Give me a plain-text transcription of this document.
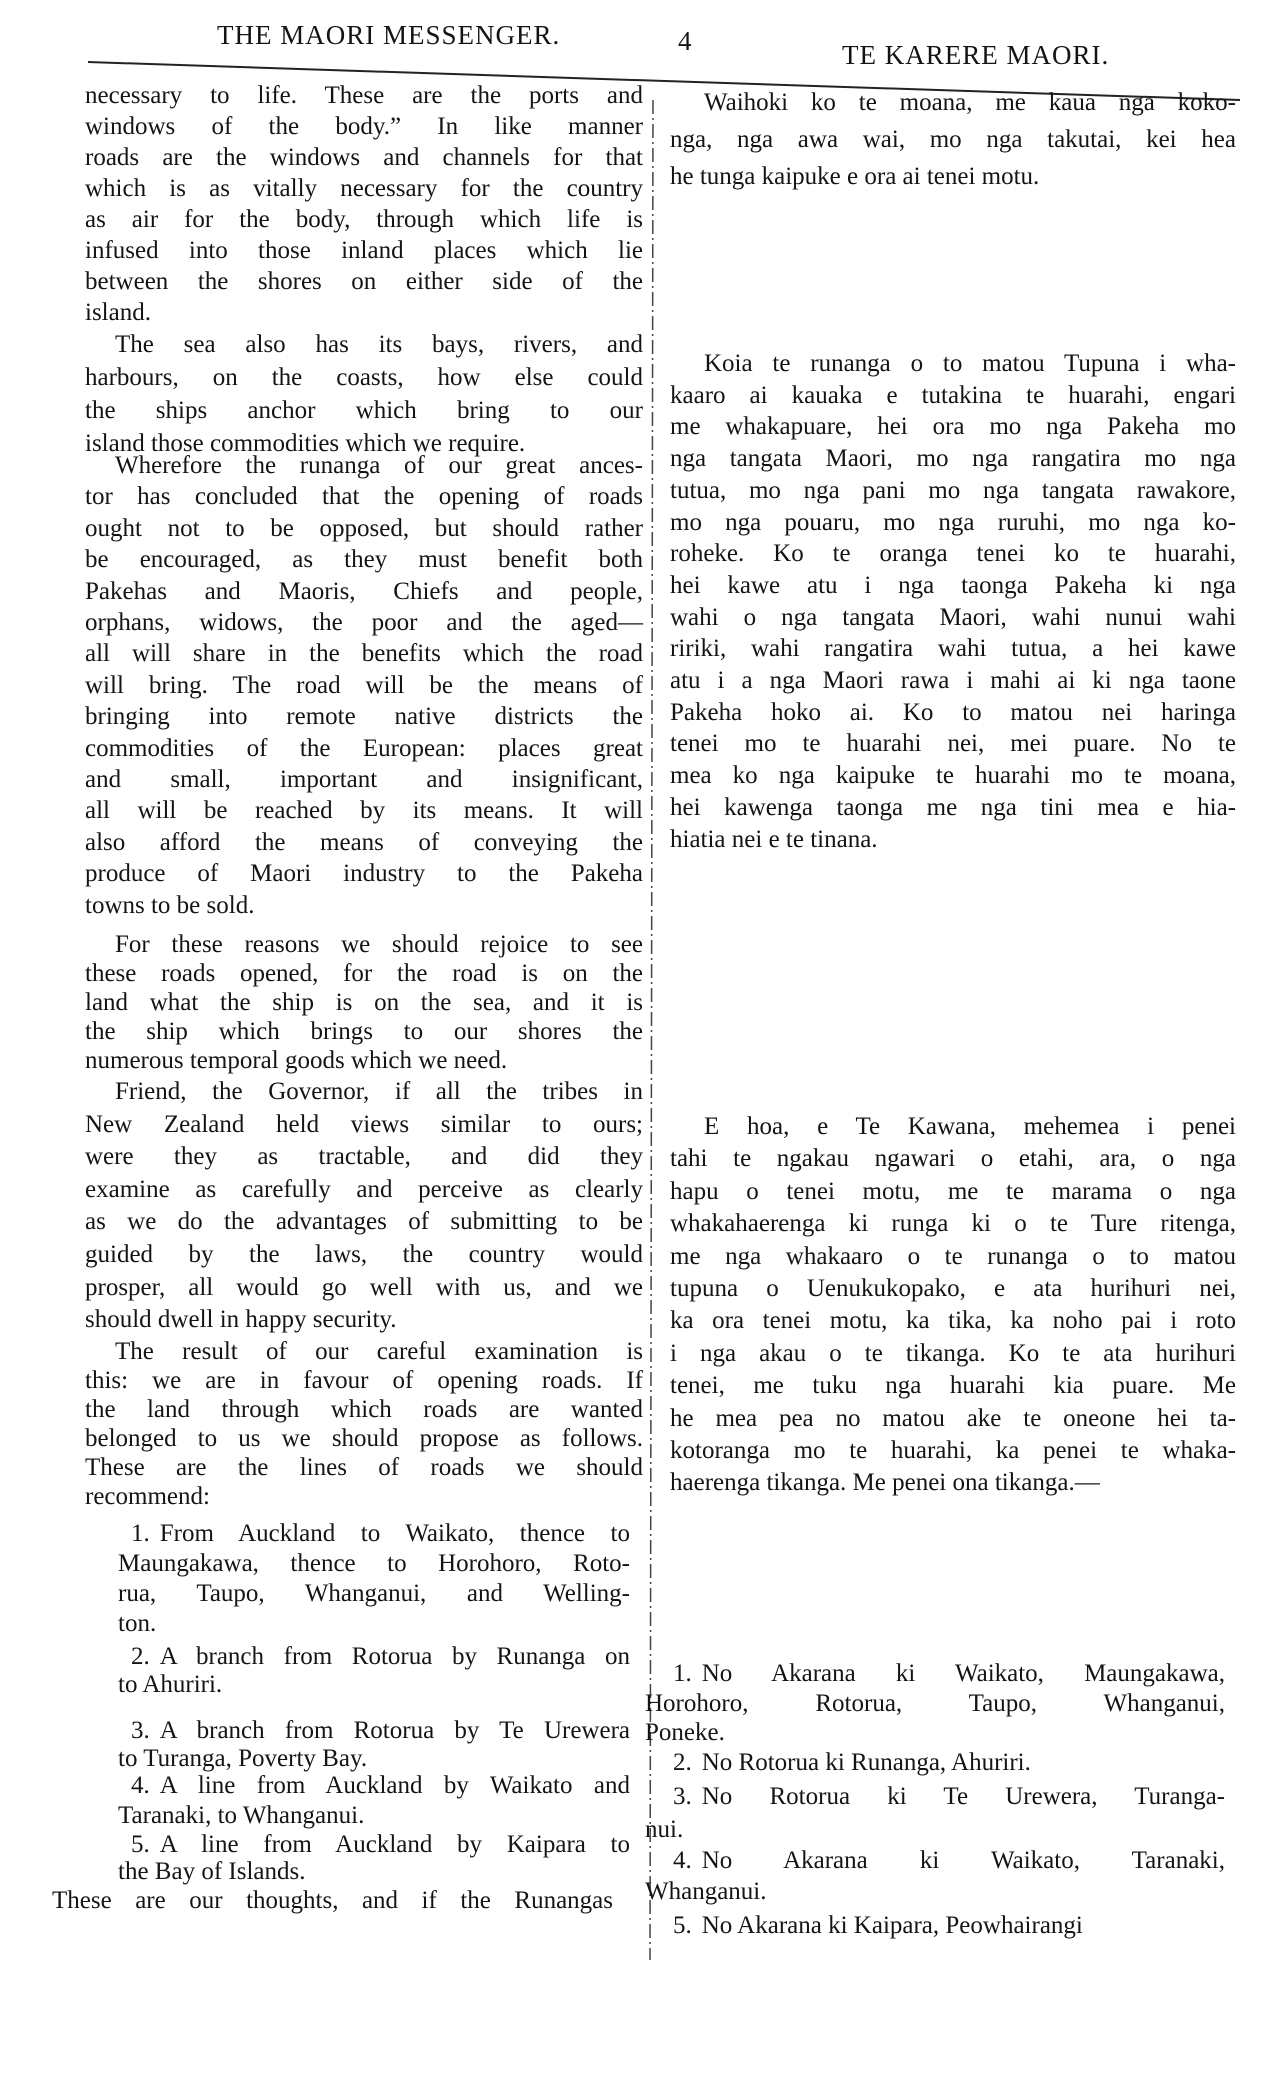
THE MAORI MESSENGER.	4	TE KARERE MAORI.
necessary to life. These are the ports and
windows of the body.” In like manner
roads are the windows and channels for that
which is as vitally necessary for the country
as air for the body, through which life is
infused into those inland places which lie
between the shores on either side of the
island.
The sea also has its bays, rivers, and
harbours, on the coasts, how else could
the ships anchor which bring to our
island those commodities which we require.
Wherefore the runanga of our great ances-
tor has concluded that the opening of roads
ought not to be opposed, but should rather
be encouraged, as they must benefit both
Pakehas and Maoris, Chiefs and people,
orphans, widows, the poor and the aged—
all will share in the benefits which the road
will bring. The road will be the means of
bringing into remote native districts the
commodities of the European: places great
and small, important and insignificant,
all will be reached by its means. It will
also afford the means of conveying the
produce of Maori industry to the Pakeha
towns to be sold.
For these reasons we should rejoice to see
these roads opened, for the road is on the
land what the ship is on the sea, and it is
the ship which brings to our shores the
numerous temporal goods which we need.
Friend, the Governor, if all the tribes in
New Zealand held views similar to ours;
were they as tractable, and did they
examine as carefully and perceive as clearly
as we do the advantages of submitting to be
guided by the laws, the country would
prosper, all would go well with us, and we
should dwell in happy security.
The result of our careful examination is
this: we are in favour of opening roads. If
the land through which roads are wanted
belonged to us we should propose as follows.
These are the lines of roads we should
recommend:
1. From Auckland to Waikato, thence to
Maungakawa, thence to Horohoro, Roto-
rua, Taupo, Whanganui, and Welling-
ton.
2. A branch from Rotorua by Runanga on
to Ahuriri.
3. A branch from Rotorua by Te Urewera
to Turanga, Poverty Bay.
4. A line from Auckland by Waikato and
Taranaki, to Whanganui.
5. A line from Auckland by Kaipara to
the Bay of Islands.
These are our thoughts, and if the Runangas
Waihoki ko te moana, me kaua nga koko-
nga, nga awa wai, mo nga takutai, kei hea
he tunga kaipuke e ora ai tenei motu.
Koia te runanga o to matou Tupuna i wha-
kaaro ai kauaka e tutakina te huarahi, engari
me whakapuare, hei ora mo nga Pakeha mo
nga tangata Maori, mo nga rangatira mo nga
tutua, mo nga pani mo nga tangata rawakore,
mo nga pouaru, mo nga ruruhi, mo nga ko-
roheke. Ko te oranga tenei ko te huarahi,
hei kawe atu i nga taonga Pakeha ki nga
wahi o nga tangata Maori, wahi nunui wahi
ririki, wahi rangatira wahi tutua, a hei kawe
atu i a nga Maori rawa i mahi ai ki nga taone
Pakeha hoko ai. Ko to matou nei haringa
tenei mo te huarahi nei, mei puare. No te
mea ko nga kaipuke te huarahi mo te moana,
hei kawenga taonga me nga tini mea e hia-
hiatia nei e te tinana.
E hoa, e Te Kawana, mehemea i penei
tahi te ngakau ngawari o etahi, ara, o nga
hapu o tenei motu, me te marama o nga
whakahaerenga ki runga ki o te Ture ritenga,
me nga whakaaro o te runanga o to matou
tupuna o Uenukukopako, e ata hurihuri nei,
ka ora tenei motu, ka tika, ka noho pai i roto
i nga akau o te tikanga. Ko te ata hurihuri
tenei, me tuku nga huarahi kia puare. Me
he mea pea no matou ake te oneone hei ta-
kotoranga mo te huarahi, ka penei te whaka-
haerenga tikanga. Me penei ona tikanga.—
1. No Akarana ki Waikato, Maungakawa,
Horohoro, Rotorua, Taupo, Whanganui,
Poneke.
2. No Rotorua ki Runanga, Ahuriri.
3. No Rotorua ki Te Urewera, Turanga-
nui.
4. No Akarana ki Waikato, Taranaki,
Whanganui.
5. No Akarana ki Kaipara, Peowhairangi
